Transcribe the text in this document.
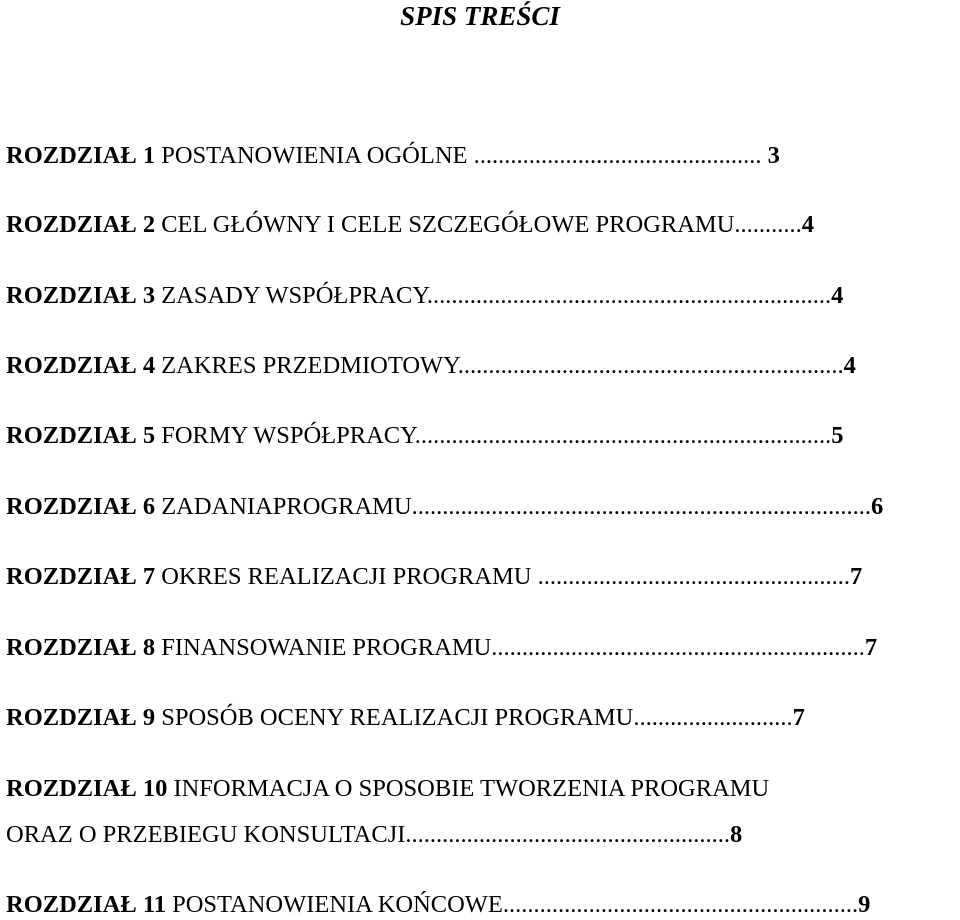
SPIS TREŚCI
ROZDZIAŁ 1 POSTANOWIENIA OGÓLNE ............................................... 3
ROZDZIAŁ 2 CEL GŁÓWNY I CELE SZCZEGÓŁOWE PROGRAMU...........4
ROZDZIAŁ 3 ZASADY WSPÓŁPRACY..................................................................4
ROZDZIAŁ 4 ZAKRES PRZEDMIOTOWY...............................................................4
ROZDZIAŁ 5 FORMY WSPÓŁPRACY....................................................................5
ROZDZIAŁ 6 ZADANIAPROGRAMU...........................................................................6
ROZDZIAŁ 7 OKRES REALIZACJI PROGRAMU ...................................................7
ROZDZIAŁ 8 FINANSOWANIE PROGRAMU.............................................................7
ROZDZIAŁ 9 SPOSÓB OCENY REALIZACJI PROGRAMU..........................7
ROZDZIAŁ 10 INFORMACJA O SPOSOBIE TWORZENIA PROGRAMU
ORAZ O PRZEBIEGU KONSULTACJI.....................................................8
ROZDZIAŁ 11 POSTANOWIENIA KOŃCOWE..........................................................9
